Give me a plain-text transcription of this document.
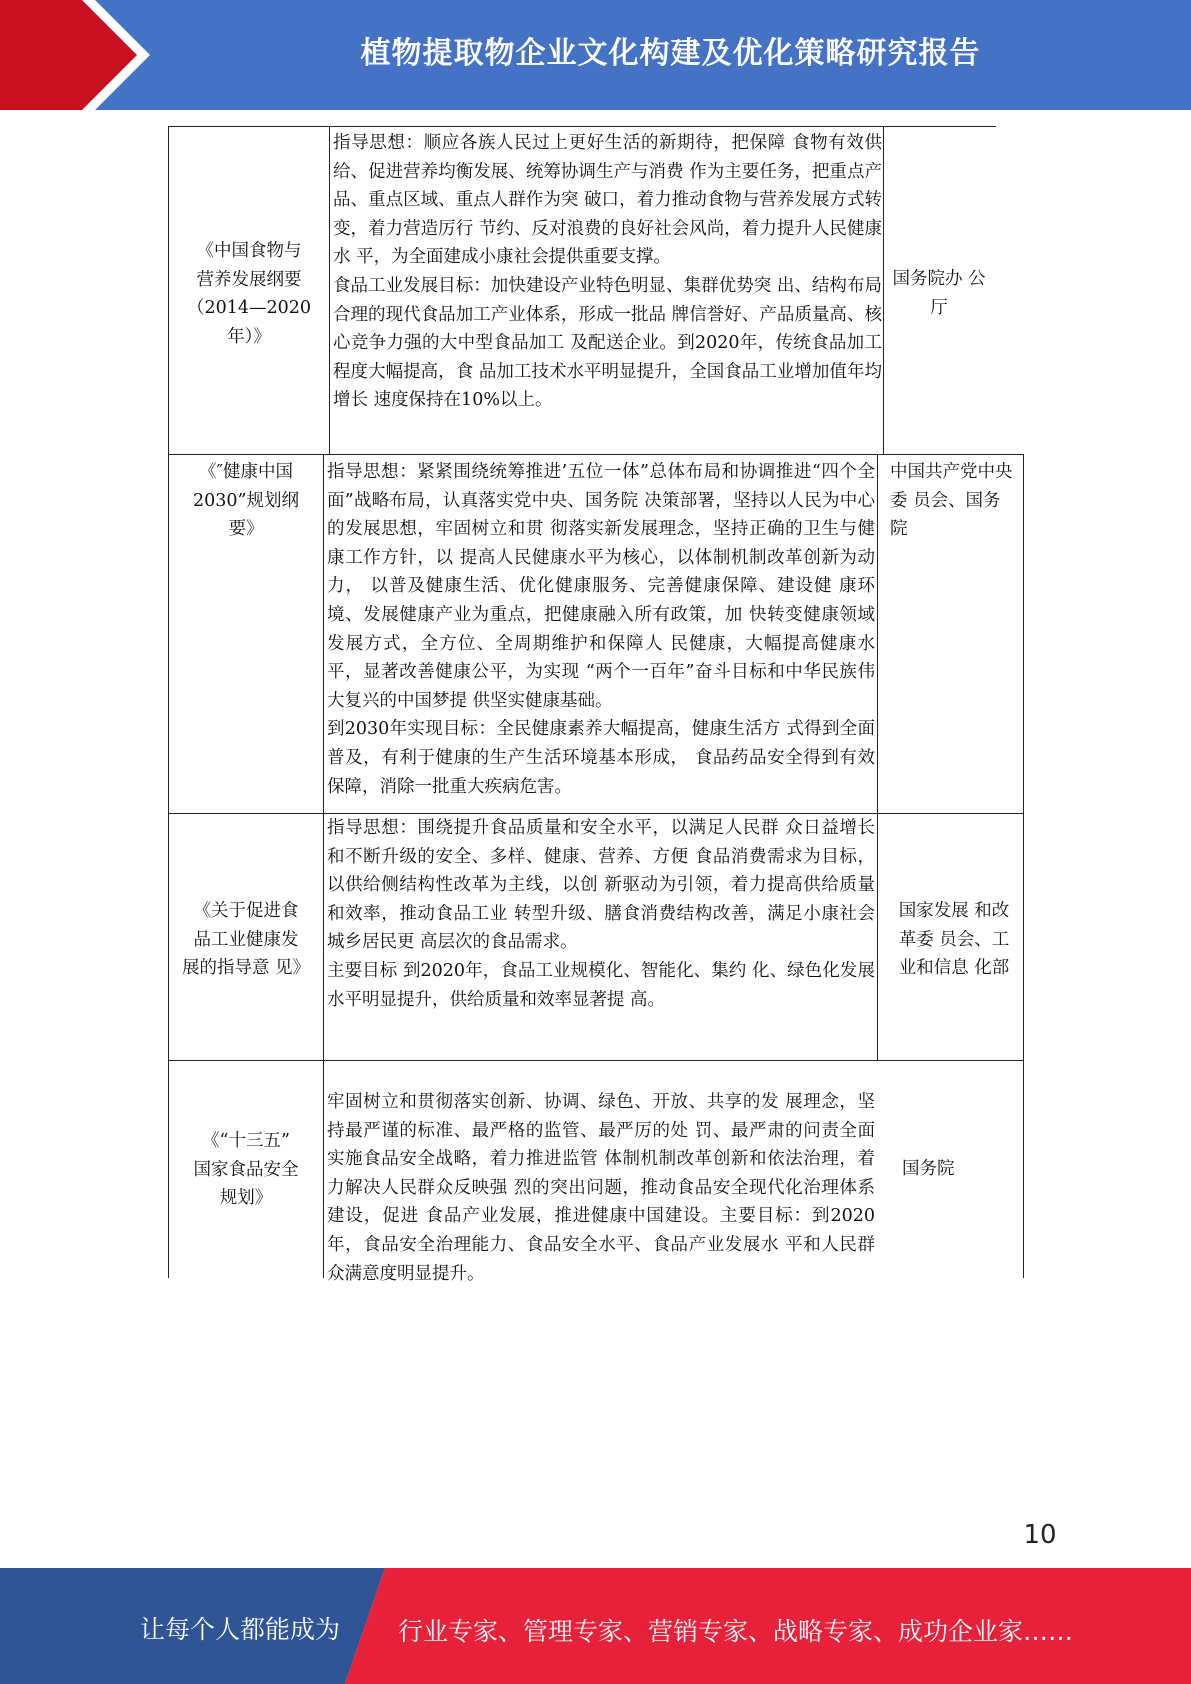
植物提取物企业文化构建及优化策略研究报告
《中国食物与
营养发展纲要
（2014—2020
年）》
指导思想：顺应各族人民过上更好生活的新期待，把保障 食物有效供给、促进营养均衡发展、统筹协调生产与消费 作为主要任务，把重点产品、重点区域、重点人群作为突 破口，着力推动食物与营养发展方式转变，着力营造厉行 节约、反对浪费的良好社会风尚，着力提升人民健康水 平，为全面建成小康社会提供重要支撑。
食品工业发展目标：加快建设产业特色明显、集群优势突 出、结构布局合理的现代食品加工产业体系，形成一批品 牌信誉好、产品质量高、核心竞争力强的大中型食品加工 及配送企业。到2020年，传统食品加工程度大幅提高，食 品加工技术水平明显提升，全国食品工业增加值年均增长 速度保持在10%以上。
国务院办 公
厅
《″健康中国
2030”规划纲
要》
指导思想：紧紧围绕统筹推进’五位一体”总体布局和协调推进“四个全面”战略布局，认真落实党中央、国务院 决策部署，坚持以人民为中心的发展思想，牢固树立和贯 彻落实新发展理念，坚持正确的卫生与健康工作方针，以 提高人民健康水平为核心，以体制机制改革创新为动力， 以普及健康生活、优化健康服务、完善健康保障、建设健 康环境、发展健康产业为重点，把健康融入所有政策，加 快转变健康领域发展方式，全方位、全周期维护和保障人 民健康，大幅提高健康水平，显著改善健康公平，为实现 “两个一百年”奋斗目标和中华民族伟大复兴的中国梦提 供坚实健康基础。
到2030年实现目标：全民健康素养大幅提高，健康生活方 式得到全面普及，有利于健康的生产生活环境基本形成， 食品药品安全得到有效保障，消除一批重大疾病危害。
中国共产党中央委 员会、国务院
《关于促进食
品工业健康发
展的指导意 见》
指导思想：围绕提升食品质量和安全水平，以满足人民群 众日益增长和不断升级的安全、多样、健康、营养、方便 食品消费需求为目标，以供给侧结构性改革为主线，以创 新驱动为引领，着力提高供给质量和效率，推动食品工业 转型升级、膳食消费结构改善，满足小康社会城乡居民更 高层次的食品需求。
主要目标 到2020年，食品工业规模化、智能化、集约 化、绿色化发展水平明显提升，供给质量和效率显著提 高。
国家发展 和改革委 员会、工业和信息 化部
《“十三五”
国家食品安全
规划》
牢固树立和贯彻落实创新、协调、绿色、开放、共享的发 展理念，坚持最严谨的标准、最严格的监管、最严厉的处 罚、最严肃的问责全面实施食品安全战略，着力推进监管 体制机制改革创新和依法治理，着力解决人民群众反映强 烈的突出问题，推动食品安全现代化治理体系建设，促进 食品产业发展，推进健康中国建设。主要目标：到2020 年，食品安全治理能力、食品安全水平、食品产业发展水 平和人民群众满意度明显提升。
国务院
10
让每个人都能成为 行业专家、管理专家、营销专家、战略专家、成功企业家……
